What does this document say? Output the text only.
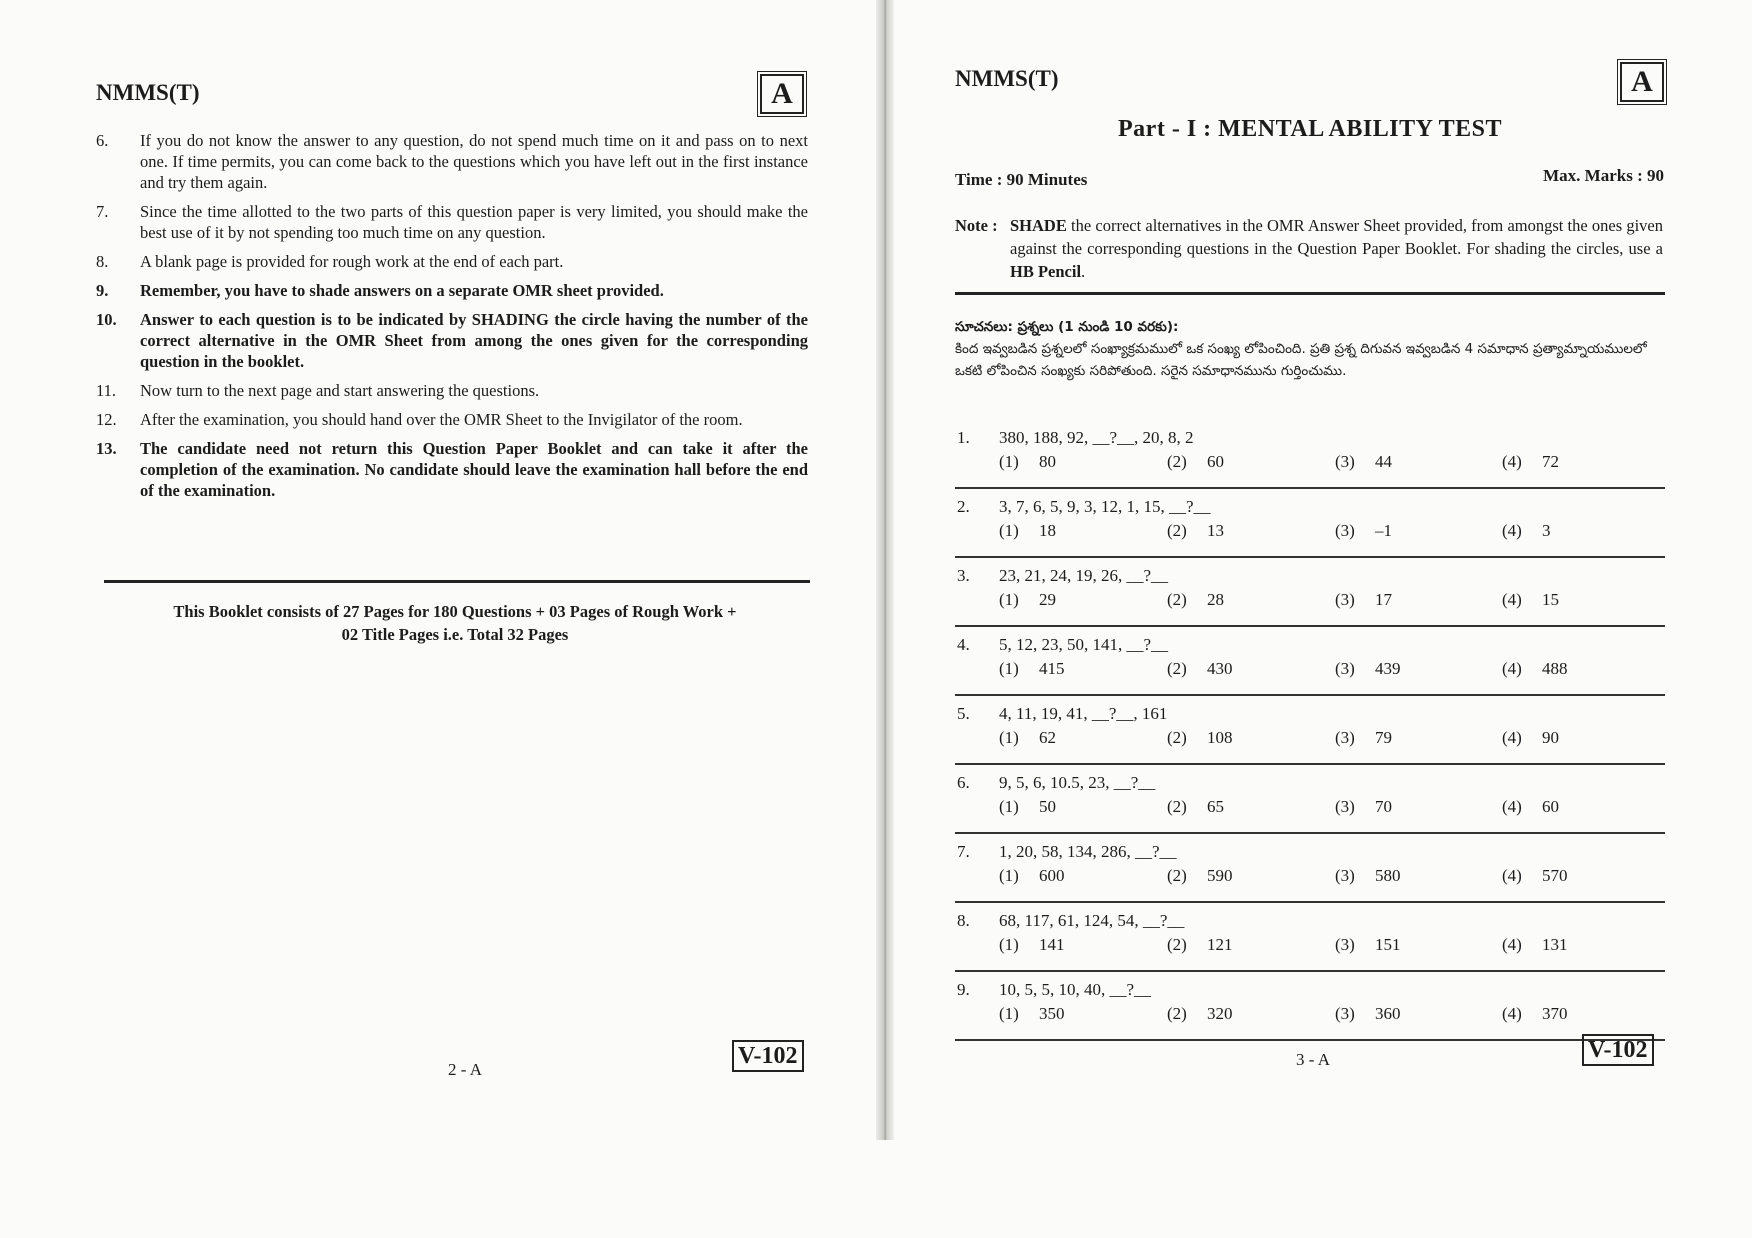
NMMS(T)	A
6.	If you do not know the answer to any question, do not spend much time on it and pass on to next one. If time permits, you can come back to the questions which you have left out in the first instance and try them again.
7.	Since the time allotted to the two parts of this question paper is very limited, you should make the best use of it by not spending too much time on any question.
8.	A blank page is provided for rough work at the end of each part.
9.	Remember, you have to shade answers on a separate OMR sheet provided.
10.	Answer to each question is to be indicated by SHADING the circle having the number of the correct alternative in the OMR Sheet from among the ones given for the corresponding question in the booklet.
11.	Now turn to the next page and start answering the questions.
12.	After the examination, you should hand over the OMR Sheet to the Invigilator of the room.
13.	The candidate need not return this Question Paper Booklet and can take it after the completion of the examination. No candidate should leave the examination hall before the end of the examination.
This Booklet consists of 27 Pages for 180 Questions + 03 Pages of Rough Work +
02 Title Pages i.e. Total 32 Pages
2 - A
V-102
NMMS(T)	A
Part - I : MENTAL ABILITY TEST
Time : 90 Minutes	Max. Marks : 90
Note : SHADE the correct alternatives in the OMR Answer Sheet provided, from amongst the ones given against the corresponding questions in the Question Paper Booklet. For shading the circles, use a HB Pencil.
సూచనలు: ప్రశ్నలు (1 నుండి 10 వరకు):
కింద ఇవ్వబడిన ప్రశ్నలలో సంఖ్యాక్రమములో ఒక సంఖ్య లోపించింది. ప్రతి ప్రశ్న దిగువన ఇవ్వబడిన 4 సమాధాన ప్రత్యామ్నాయములలో ఒకటి లోపించిన సంఖ్యకు సరిపోతుంది. సరైన సమాధానమును గుర్తించుము.
1. 380, 188, 92, __?__, 20, 8, 2
(1) 80	(2) 60	(3) 44	(4) 72
2. 3, 7, 6, 5, 9, 3, 12, 1, 15, __?__
(1) 18	(2) 13	(3) –1	(4) 3
3. 23, 21, 24, 19, 26, __?__
(1) 29	(2) 28	(3) 17	(4) 15
4. 5, 12, 23, 50, 141, __?__
(1) 415	(2) 430	(3) 439	(4) 488
5. 4, 11, 19, 41, __?__, 161
(1) 62	(2) 108	(3) 79	(4) 90
6. 9, 5, 6, 10.5, 23, __?__
(1) 50	(2) 65	(3) 70	(4) 60
7. 1, 20, 58, 134, 286, __?__
(1) 600	(2) 590	(3) 580	(4) 570
8. 68, 117, 61, 124, 54, __?__
(1) 141	(2) 121	(3) 151	(4) 131
9. 10, 5, 5, 10, 40, __?__
(1) 350	(2) 320	(3) 360	(4) 370
3 - A	V-102
